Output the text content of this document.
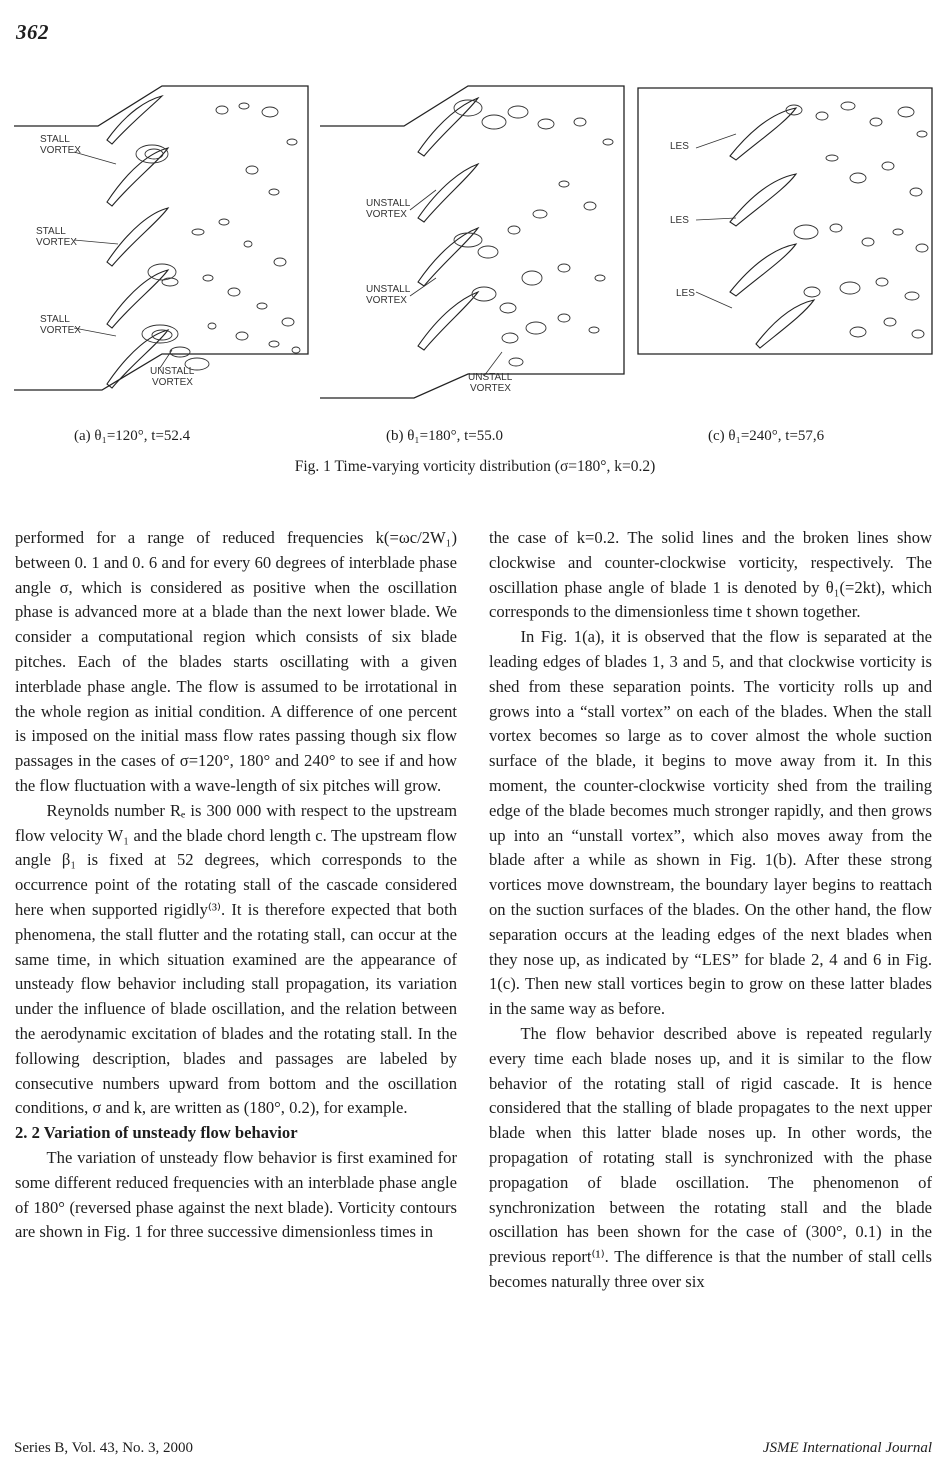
362
STALL
VORTEX
STALL
VORTEX
STALL
VORTEX
UNSTALL
VORTEX
UNSTALL
VORTEX
UNSTALL
VORTEX
UNSTALL
VORTEX
LES
LES
LES
(a) θ₁=120°, t=52.4	(b) θ₁=180°, t=55.0	(c) θ₁=240°, t=57,6
Fig. 1 Time-varying vorticity distribution (σ=180°, k=0.2)

performed for a range of reduced frequencies k(=ωc/2W₁) between 0. 1 and 0. 6 and for every 60 degrees of interblade phase angle σ, which is considered as positive when the oscillation phase is advanced more at a blade than the next lower blade. We consider a computational region which consists of six blade pitches. Each of the blades starts oscillating with a given interblade phase angle. The flow is assumed to be irrotational in the whole region as initial condition. A difference of one percent is imposed on the initial mass flow rates passing though six flow passages in the cases of σ=120°, 180° and 240° to see if and how the flow fluctuation with a wave-length of six pitches will grow.

Reynolds number Rₑ is 300 000 with respect to the upstream flow velocity W₁ and the blade chord length c. The upstream flow angle β₁ is fixed at 52 degrees, which corresponds to the occurrence point of the rotating stall of the cascade considered here when supported rigidly⁽³⁾. It is therefore expected that both phenomena, the stall flutter and the rotating stall, can occur at the same time, in which situation examined are the appearance of unsteady flow behavior including stall propagation, its variation under the influence of blade oscillation, and the relation between the aerodynamic excitation of blades and the rotating stall. In the following description, blades and passages are labeled by consecutive numbers upward from bottom and the oscillation conditions, σ and k, are written as (180°, 0.2), for example.

2. 2 Variation of unsteady flow behavior

The variation of unsteady flow behavior is first examined for some different reduced frequencies with an interblade phase angle of 180° (reversed phase against the next blade). Vorticity contours are shown in Fig. 1 for three successive dimensionless times in

the case of k=0.2. The solid lines and the broken lines show clockwise and counter-clockwise vorticity, respectively. The oscillation phase angle of blade 1 is denoted by θ₁(=2kt), which corresponds to the dimensionless time t shown together.

In Fig. 1(a), it is observed that the flow is separated at the leading edges of blades 1, 3 and 5, and that clockwise vorticity is shed from these separation points. The vorticity rolls up and grows into a “stall vortex” on each of the blades. When the stall vortex becomes so large as to cover almost the whole suction surface of the blade, it begins to move away from it. In this moment, the counter-clockwise vorticity shed from the trailing edge of the blade becomes much stronger rapidly, and then grows up into an “unstall vortex”, which also moves away from the blade after a while as shown in Fig. 1(b). After these strong vortices move downstream, the boundary layer begins to reattach on the suction surfaces of the blades. On the other hand, the flow separation occurs at the leading edges of the next blades when they nose up, as indicated by “LES” for blade 2, 4 and 6 in Fig. 1(c). Then new stall vortices begin to grow on these latter blades in the same way as before.

The flow behavior described above is repeated regularly every time each blade noses up, and it is similar to the flow behavior of the rotating stall of rigid cascade. It is hence considered that the stalling of blade propagates to the next upper blade when this latter blade noses up. In other words, the propagation of rotating stall is synchronized with the phase propagation of blade oscillation. The phenomenon of synchronization between the rotating stall and the blade oscillation has been shown for the case of (300°, 0.1) in the previous report⁽¹⁾. The difference is that the number of stall cells becomes naturally three over six

Series B, Vol. 43, No. 3, 2000	JSME International Journal
